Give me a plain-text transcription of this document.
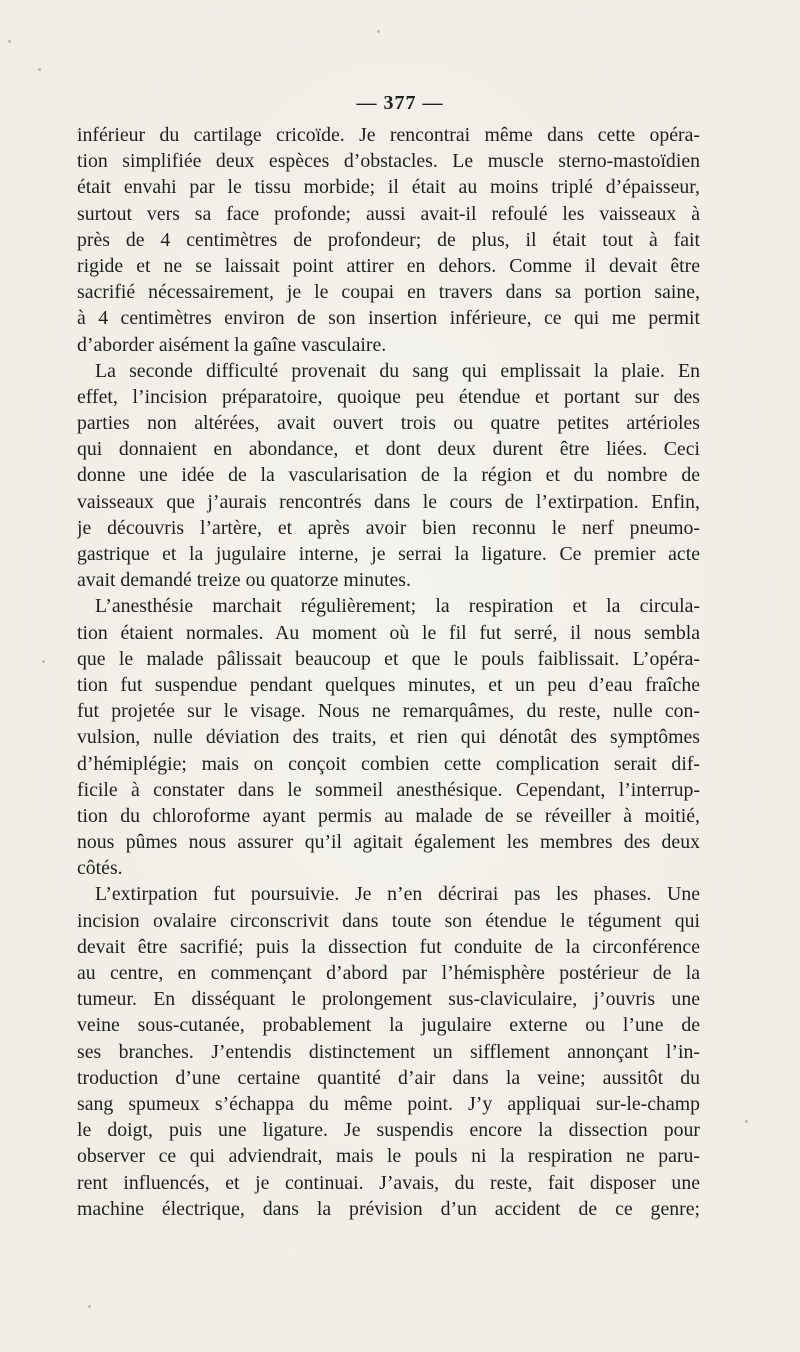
— 377 —
inférieur du cartilage cricoïde. Je rencontrai même dans cette opéra-
tion simplifiée deux espèces d’obstacles. Le muscle sterno-mastoïdien
était envahi par le tissu morbide; il était au moins triplé d’épaisseur,
surtout vers sa face profonde; aussi avait-il refoulé les vaisseaux à
près de 4 centimètres de profondeur; de plus, il était tout à fait
rigide et ne se laissait point attirer en dehors. Comme il devait être
sacrifié nécessairement, je le coupai en travers dans sa portion saine,
à 4 centimètres environ de son insertion inférieure, ce qui me permit
d’aborder aisément la gaîne vasculaire.
La seconde difficulté provenait du sang qui emplissait la plaie. En
effet, l’incision préparatoire, quoique peu étendue et portant sur des
parties non altérées, avait ouvert trois ou quatre petites artérioles
qui donnaient en abondance, et dont deux durent être liées. Ceci
donne une idée de la vascularisation de la région et du nombre de
vaisseaux que j’aurais rencontrés dans le cours de l’extirpation. Enfin,
je découvris l’artère, et après avoir bien reconnu le nerf pneumo-
gastrique et la jugulaire interne, je serrai la ligature. Ce premier acte
avait demandé treize ou quatorze minutes.
L’anesthésie marchait régulièrement; la respiration et la circula-
tion étaient normales. Au moment où le fil fut serré, il nous sembla
que le malade pâlissait beaucoup et que le pouls faiblissait. L’opéra-
tion fut suspendue pendant quelques minutes, et un peu d’eau fraîche
fut projetée sur le visage. Nous ne remarquâmes, du reste, nulle con-
vulsion, nulle déviation des traits, et rien qui dénotât des symptômes
d’hémiplégie; mais on conçoit combien cette complication serait dif-
ficile à constater dans le sommeil anesthésique. Cependant, l’interrup-
tion du chloroforme ayant permis au malade de se réveiller à moitié,
nous pûmes nous assurer qu’il agitait également les membres des deux
côtés.
L’extirpation fut poursuivie. Je n’en décrirai pas les phases. Une
incision ovalaire circonscrivit dans toute son étendue le tégument qui
devait être sacrifié; puis la dissection fut conduite de la circonférence
au centre, en commençant d’abord par l’hémisphère postérieur de la
tumeur. En disséquant le prolongement sus-claviculaire, j’ouvris une
veine sous-cutanée, probablement la jugulaire externe ou l’une de
ses branches. J’entendis distinctement un sifflement annonçant l’in-
troduction d’une certaine quantité d’air dans la veine; aussitôt du
sang spumeux s’échappa du même point. J’y appliquai sur-le-champ
le doigt, puis une ligature. Je suspendis encore la dissection pour
observer ce qui adviendrait, mais le pouls ni la respiration ne paru-
rent influencés, et je continuai. J’avais, du reste, fait disposer une
machine électrique, dans la prévision d’un accident de ce genre;
